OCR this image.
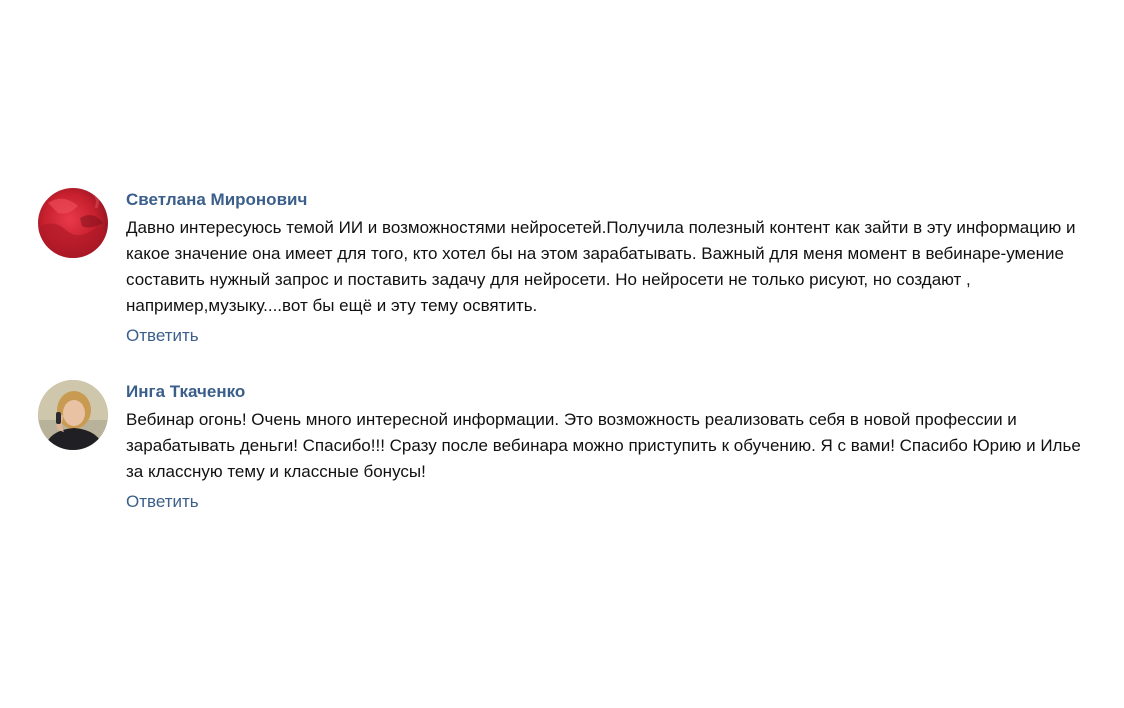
Светлана Миронович
Давно интересуюсь темой ИИ и возможностями нейросетей.Получила полезный контент как зайти в эту информацию и какое значение она имеет для того, кто хотел бы на этом зарабатывать. Важный для меня момент в вебинаре-умение составить нужный запрос и поставить задачу для нейросети. Но нейросети не только рисуют, но создают , например,музыку....вот бы ещё и эту тему освятить.
Ответить
Инга Ткаченко
Вебинар огонь! Очень много интересной информации. Это возможность реализовать себя в новой профессии и зарабатывать деньги! Спасибо!!! Сразу после вебинара можно приступить к обучению. Я с вами! Спасибо Юрию и Илье за классную тему и классные бонусы!
Ответить
